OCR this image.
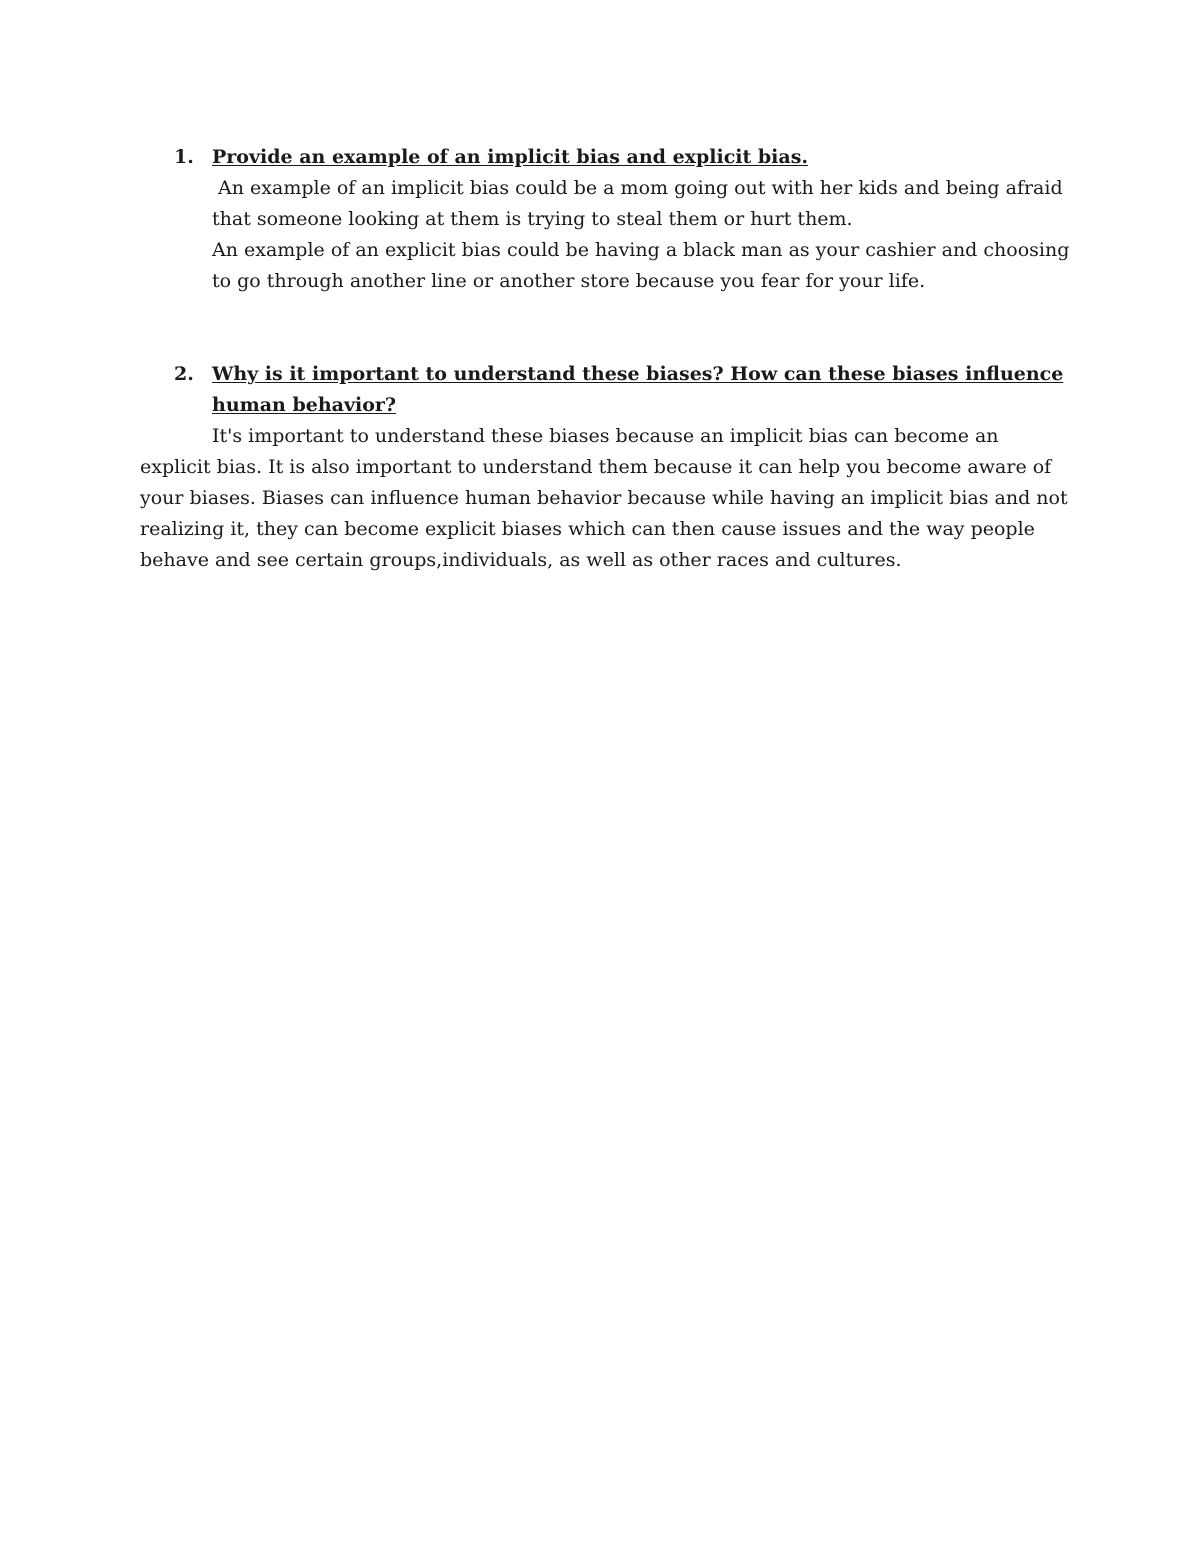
1. Provide an example of an implicit bias and explicit bias.
An example of an implicit bias could be a mom going out with her kids and being afraid that someone looking at them is trying to steal them or hurt them.
An example of an explicit bias could be having a black man as your cashier and choosing to go through another line or another store because you fear for your life.
2. Why is it important to understand these biases? How can these biases influence human behavior?

It's important to understand these biases because an implicit bias can become an explicit bias. It is also important to understand them because it can help you become aware of your biases. Biases can influence human behavior because while having an implicit bias and not realizing it, they can become explicit biases which can then cause issues and the way people behave and see certain groups,individuals, as well as other races and cultures.
